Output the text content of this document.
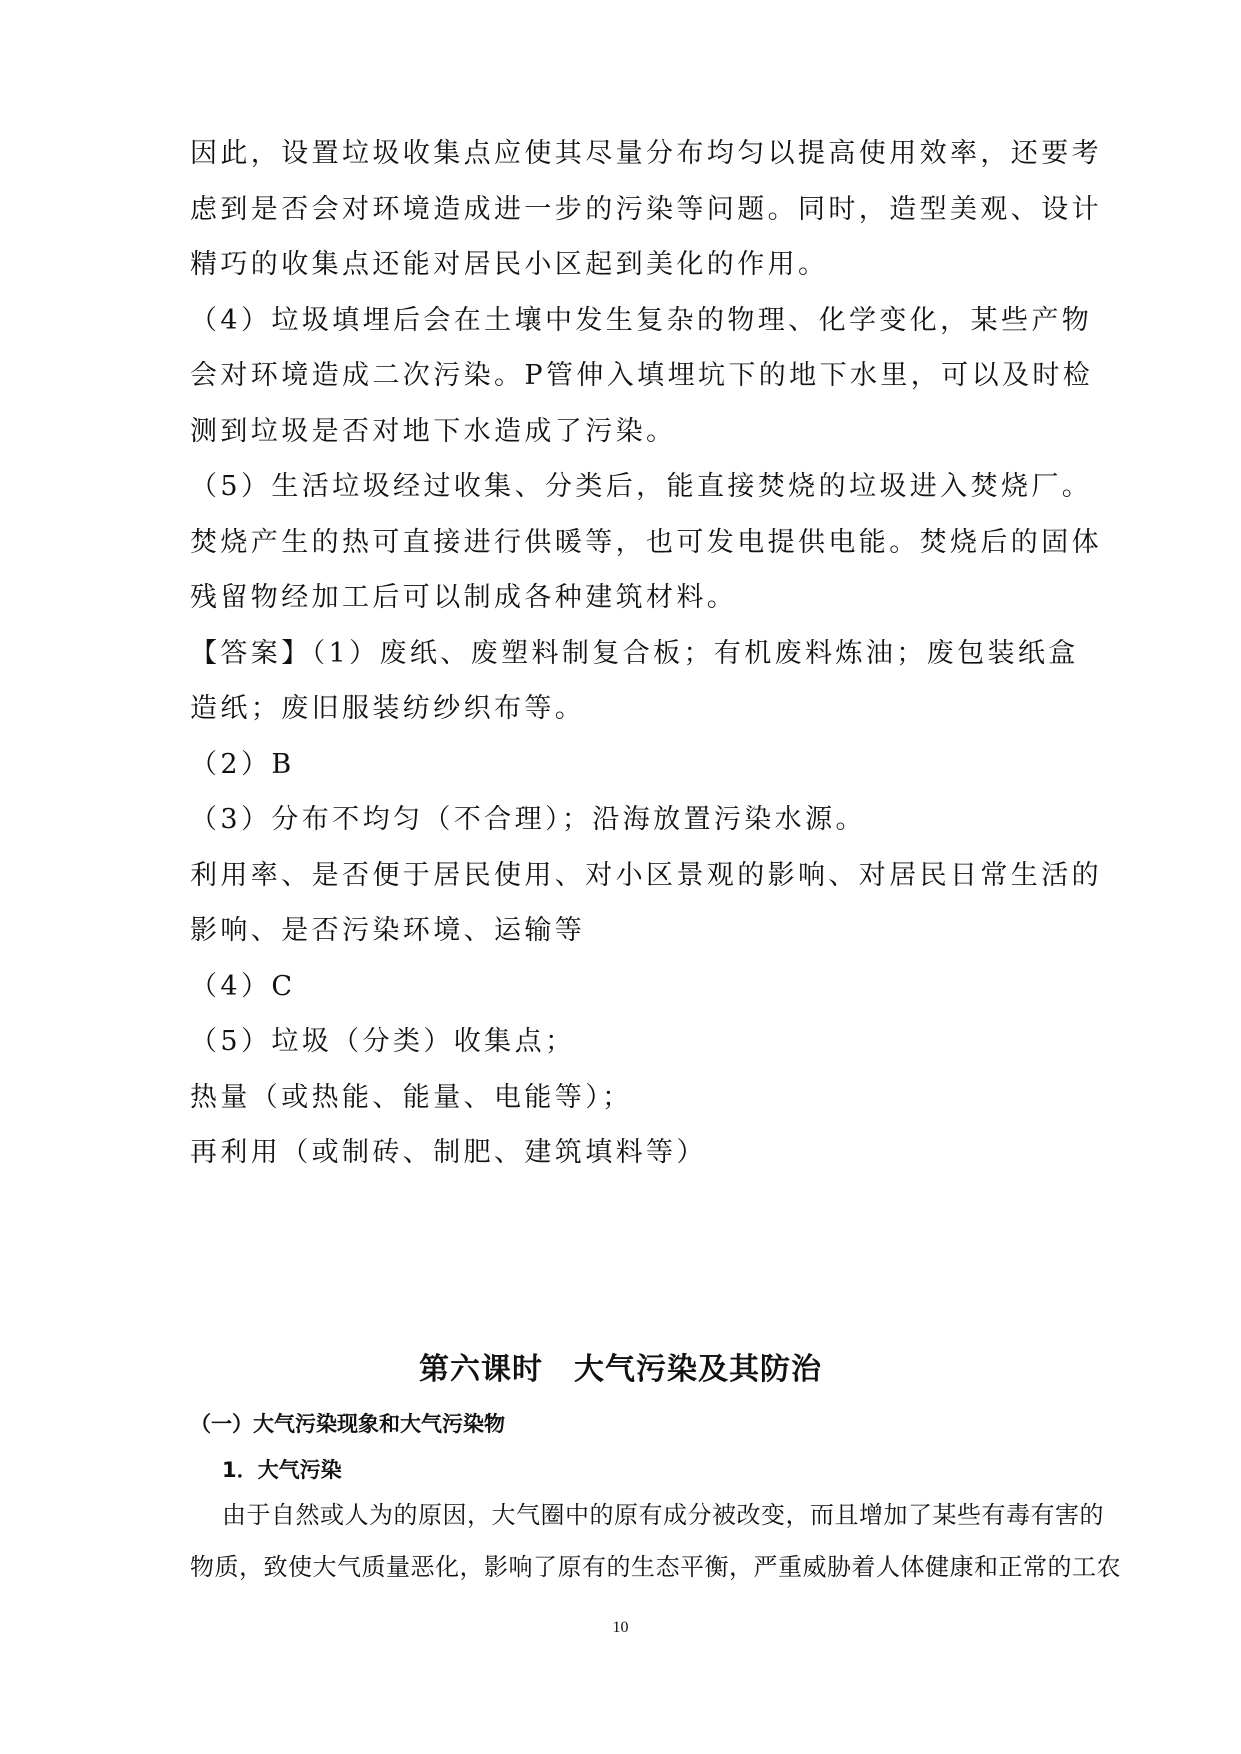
因此，设置垃圾收集点应使其尽量分布均匀以提高使用效率，还要考
虑到是否会对环境造成进一步的污染等问题。同时，造型美观、设计
精巧的收集点还能对居民小区起到美化的作用。
（4）垃圾填埋后会在土壤中发生复杂的物理、化学变化，某些产物
会对环境造成二次污染。P管伸入填埋坑下的地下水里，可以及时检
测到垃圾是否对地下水造成了污染。
（5）生活垃圾经过收集、分类后，能直接焚烧的垃圾进入焚烧厂。
焚烧产生的热可直接进行供暖等，也可发电提供电能。焚烧后的固体
残留物经加工后可以制成各种建筑材料。
【答案】（1）废纸、废塑料制复合板；有机废料炼油；废包装纸盒
造纸；废旧服装纺纱织布等。
（2）B
（3）分布不均匀（不合理）；沿海放置污染水源。
利用率、是否便于居民使用、对小区景观的影响、对居民日常生活的
影响、是否污染环境、运输等
（4）C
（5）垃圾（分类）收集点；
热量（或热能、能量、电能等）；
再利用（或制砖、制肥、建筑填料等）
第六课时　大气污染及其防治
（一）大气污染现象和大气污染物
1．大气污染
由于自然或人为的原因，大气圈中的原有成分被改变，而且增加了某些有毒有害的
物质，致使大气质量恶化，影响了原有的生态平衡，严重威胁着人体健康和正常的工农
10
